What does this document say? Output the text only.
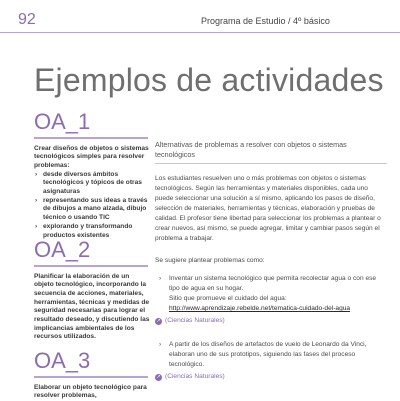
92	Programa de Estudio / 4º básico
Ejemplos de actividades
OA_1
Crear diseños de objetos o sistemas tecnológicos simples para resolver problemas:
› desde diversos ámbitos tecnológicos y tópicos de otras asignaturas
› representando sus ideas a través de dibujos a mano alzada, dibujo técnico o usando TIC
› explorando y transformando productos existentes
OA_2
Planificar la elaboración de un objeto tecnológico, incorporando la secuencia de acciones, materiales, herramientas, técnicas y medidas de seguridad necesarias para lograr el resultado deseado, y discutiendo las implicancias ambientales de los recursos utilizados.
OA_3
Elaborar un objeto tecnológico para resolver problemas,

Alternativas de problemas a resolver con objetos o sistemas tecnológicos

Los estudiantes resuelven uno o más problemas con objetos o sistemas tecnológicos. Según las herramientas y materiales disponibles, cada uno puede seleccionar una solución a sí mismo, aplicando los pasos de diseño, selección de materiales, herramientas y técnicas, elaboración y pruebas de calidad. El profesor tiene libertad para seleccionar los problemas a plantear o crear nuevos, así mismo, se puede agregar, limitar y cambiar pasos según el problema a trabajar.

Se sugiere plantear problemas como:

› Inventar un sistema tecnológico que permita recolectar agua o con ese tipo de agua en su hogar.
Sitio que promueve el cuidado del agua:
http://www.aprendizaje.rebelde.net/tematica-cuidado-del-agua
↗ (Ciencias Naturales)
› A partir de los diseños de artefactos de vuelo de Leonardo da Vinci, elaboran uno de sus prototipos, siguiendo las fases del proceso tecnológico.
↗ (Ciencias Naturales)
